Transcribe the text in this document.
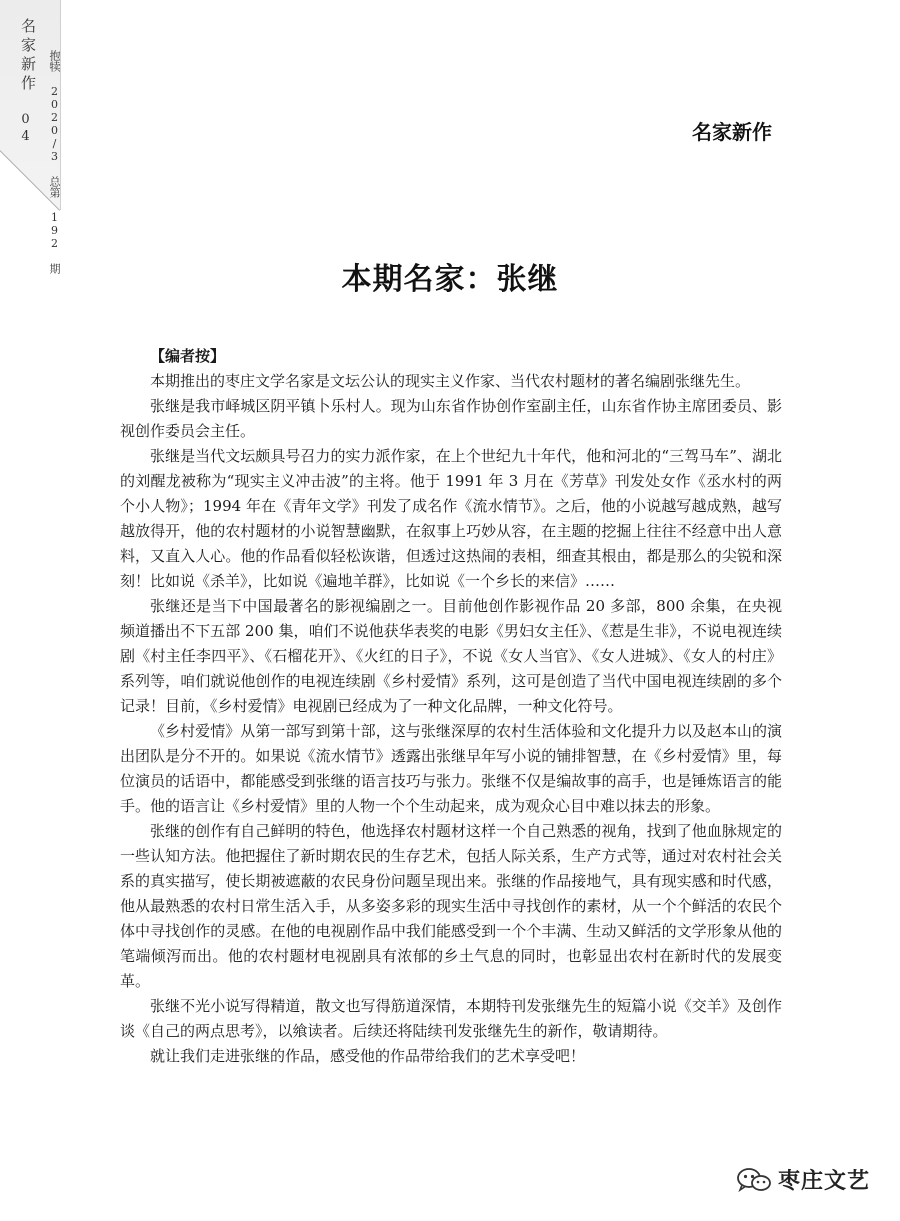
名家新作
04 抱犊 2020/3 总第 192 期	名家新作
本期名家：张继
【编者按】

本期推出的枣庄文学名家是文坛公认的现实主义作家、当代农村题材的著名编剧张继先生。

张继是我市峄城区阴平镇卜乐村人。现为山东省作协创作室副主任，山东省作协主席团委员、影视创作委员会主任。

张继是当代文坛颇具号召力的实力派作家，在上个世纪九十年代，他和河北的“三驾马车”、湖北的刘醒龙被称为“现实主义冲击波”的主将。他于 1991 年 3 月在《芳草》刊发处女作《丞水村的两个小人物》；1994 年在《青年文学》刊发了成名作《流水情节》。之后，他的小说越写越成熟，越写越放得开，他的农村题材的小说智慧幽默，在叙事上巧妙从容，在主题的挖掘上往往不经意中出人意料，又直入人心。他的作品看似轻松诙谐，但透过这热闹的表相，细查其根由，都是那么的尖锐和深刻！比如说《杀羊》，比如说《遍地羊群》，比如说《一个乡长的来信》……

张继还是当下中国最著名的影视编剧之一。目前他创作影视作品 20 多部，800 余集，在央视频道播出不下五部 200 集，咱们不说他获华表奖的电影《男妇女主任》、《惹是生非》，不说电视连续剧《村主任李四平》、《石榴花开》、《火红的日子》，不说《女人当官》、《女人进城》、《女人的村庄》系列等，咱们就说他创作的电视连续剧《乡村爱情》系列，这可是创造了当代中国电视连续剧的多个记录！目前，《乡村爱情》电视剧已经成为了一种文化品牌，一种文化符号。

《乡村爱情》从第一部写到第十部，这与张继深厚的农村生活体验和文化提升力以及赵本山的演出团队是分不开的。如果说《流水情节》透露出张继早年写小说的铺排智慧，在《乡村爱情》里，每位演员的话语中，都能感受到张继的语言技巧与张力。张继不仅是编故事的高手，也是锤炼语言的能手。他的语言让《乡村爱情》里的人物一个个生动起来，成为观众心目中难以抹去的形象。

张继的创作有自己鲜明的特色，他选择农村题材这样一个自己熟悉的视角，找到了他血脉规定的一些认知方法。他把握住了新时期农民的生存艺术，包括人际关系，生产方式等，通过对农村社会关系的真实描写，使长期被遮蔽的农民身份问题呈现出来。张继的作品接地气，具有现实感和时代感，他从最熟悉的农村日常生活入手，从多姿多彩的现实生活中寻找创作的素材，从一个个鲜活的农民个体中寻找创作的灵感。在他的电视剧作品中我们能感受到一个个丰满、生动又鲜活的文学形象从他的笔端倾泻而出。他的农村题材电视剧具有浓郁的乡土气息的同时，也彰显出农村在新时代的发展变革。

张继不光小说写得精道，散文也写得筋道深情，本期特刊发张继先生的短篇小说《交羊》及创作谈《自己的两点思考》，以飨读者。后续还将陆续刊发张继先生的新作，敬请期待。

就让我们走进张继的作品，感受他的作品带给我们的艺术享受吧！

枣庄文艺
